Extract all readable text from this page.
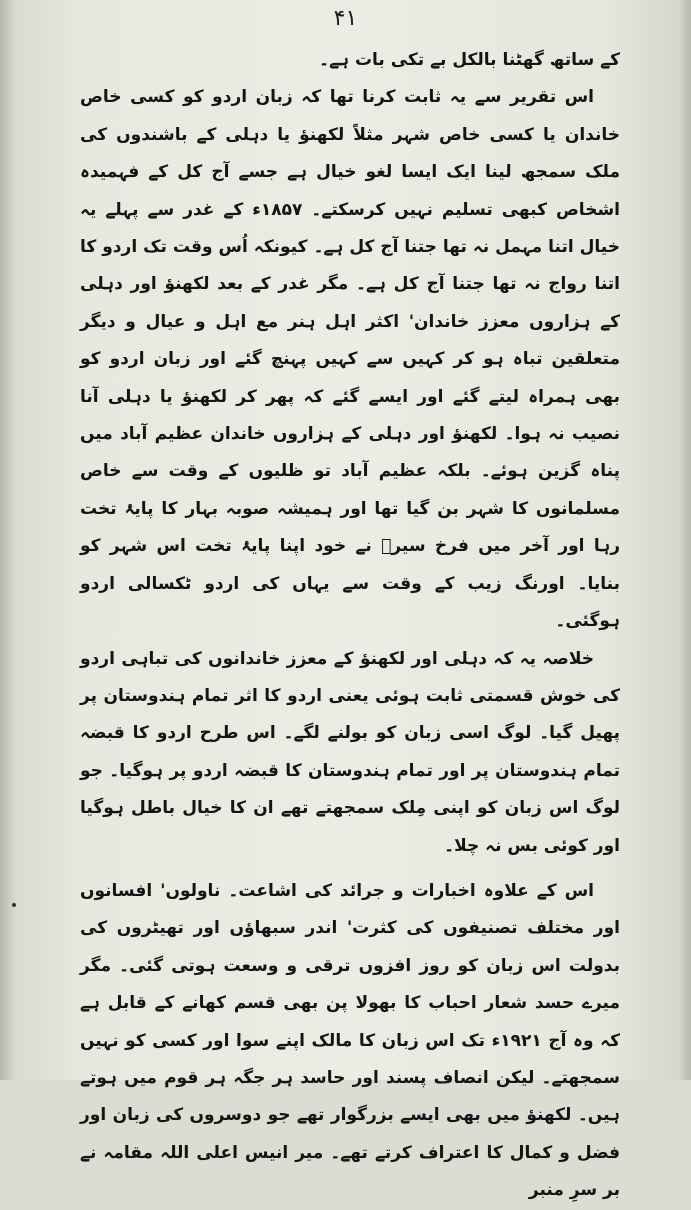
۴۱

کے ساتھ گھٹنا بالکل بے تکی بات ہے۔

اس تقریر سے یہ ثابت کرنا تھا کہ زبان اردو کو کسی خاص خاندان یا کسی خاص شہر مثلاً لکھنؤ یا دہلی کے باشندوں کی ملک سمجھ لینا ایک ایسا لغو خیال ہے جسے آج کل کے فہمیدہ اشخاص کبھی تسلیم نہیں کرسکتے۔ ۱۸۵۷ء کے غدر سے پہلے یہ خیال اتنا مہمل نہ تھا جتنا آج کل ہے۔ کیونکہ اُس وقت تک اردو کا اتنا رواج نہ تھا جتنا آج کل ہے۔ مگر غدر کے بعد لکھنؤ اور دہلی کے ہزاروں معزز خاندان' اکثر اہل ہنر مع اہل و عیال و دیگر متعلقین تباہ ہو کر کہیں سے کہیں پہنچ گئے اور زبان اردو کو بھی ہمراہ لیتے گئے اور ایسے گئے کہ پھر کر لکھنؤ یا دہلی آنا نصیب نہ ہوا۔ لکھنؤ اور دہلی کے ہزاروں خاندان عظیم آباد میں پناہ گزین ہوئے۔ بلکہ عظیم آباد تو ظلیوں کے وقت سے خاص مسلمانوں کا شہر بن گیا تھا اور ہمیشہ صوبہ بہار کا پایۂ تخت رہا اور آخر میں فرخ سیرؔ نے خود اپنا پایۂ تخت اس شہر کو بنایا۔ اورنگ زیب کے وقت سے یہاں کی اردو ٹکسالی اردو ہوگئی۔

خلاصہ یہ کہ دہلی اور لکھنؤ کے معزز خاندانوں کی تباہی اردو کی خوش قسمتی ثابت ہوئی یعنی اردو کا اثر تمام ہندوستان پر پھیل گیا۔ لوگ اسی زبان کو بولنے لگے۔ اس طرح اردو کا قبضہ تمام ہندوستان پر اور تمام ہندوستان کا قبضہ اردو پر ہوگیا۔ جو لوگ اس زبان کو اپنی مِلک سمجھتے تھے ان کا خیال باطل ہوگیا اور کوئی بس نہ چلا۔

اس کے علاوہ اخبارات و جرائد کی اشاعت۔ ناولوں' افسانوں اور مختلف تصنیفوں کی کثرت' اندر سبھاؤں اور تھیٹروں کی بدولت اس زبان کو روز افزوں ترقی و وسعت ہوتی گئی۔ مگر میرے حسد شعار احباب کا بھولا پن بھی قسم کھانے کے قابل ہے کہ وہ آج ۱۹۲۱ء تک اس زبان کا مالک اپنے سوا اور کسی کو نہیں سمجھتے۔ لیکن انصاف پسند اور حاسد ہر جگہ ہر قوم میں ہوتے ہیں۔ لکھنؤ میں بھی ایسے بزرگوار تھے جو دوسروں کی زبان اور فضل و کمال کا اعتراف کرتے تھے۔ میر انیس اعلی اللہ مقامہ نے بر سرِ منبر
